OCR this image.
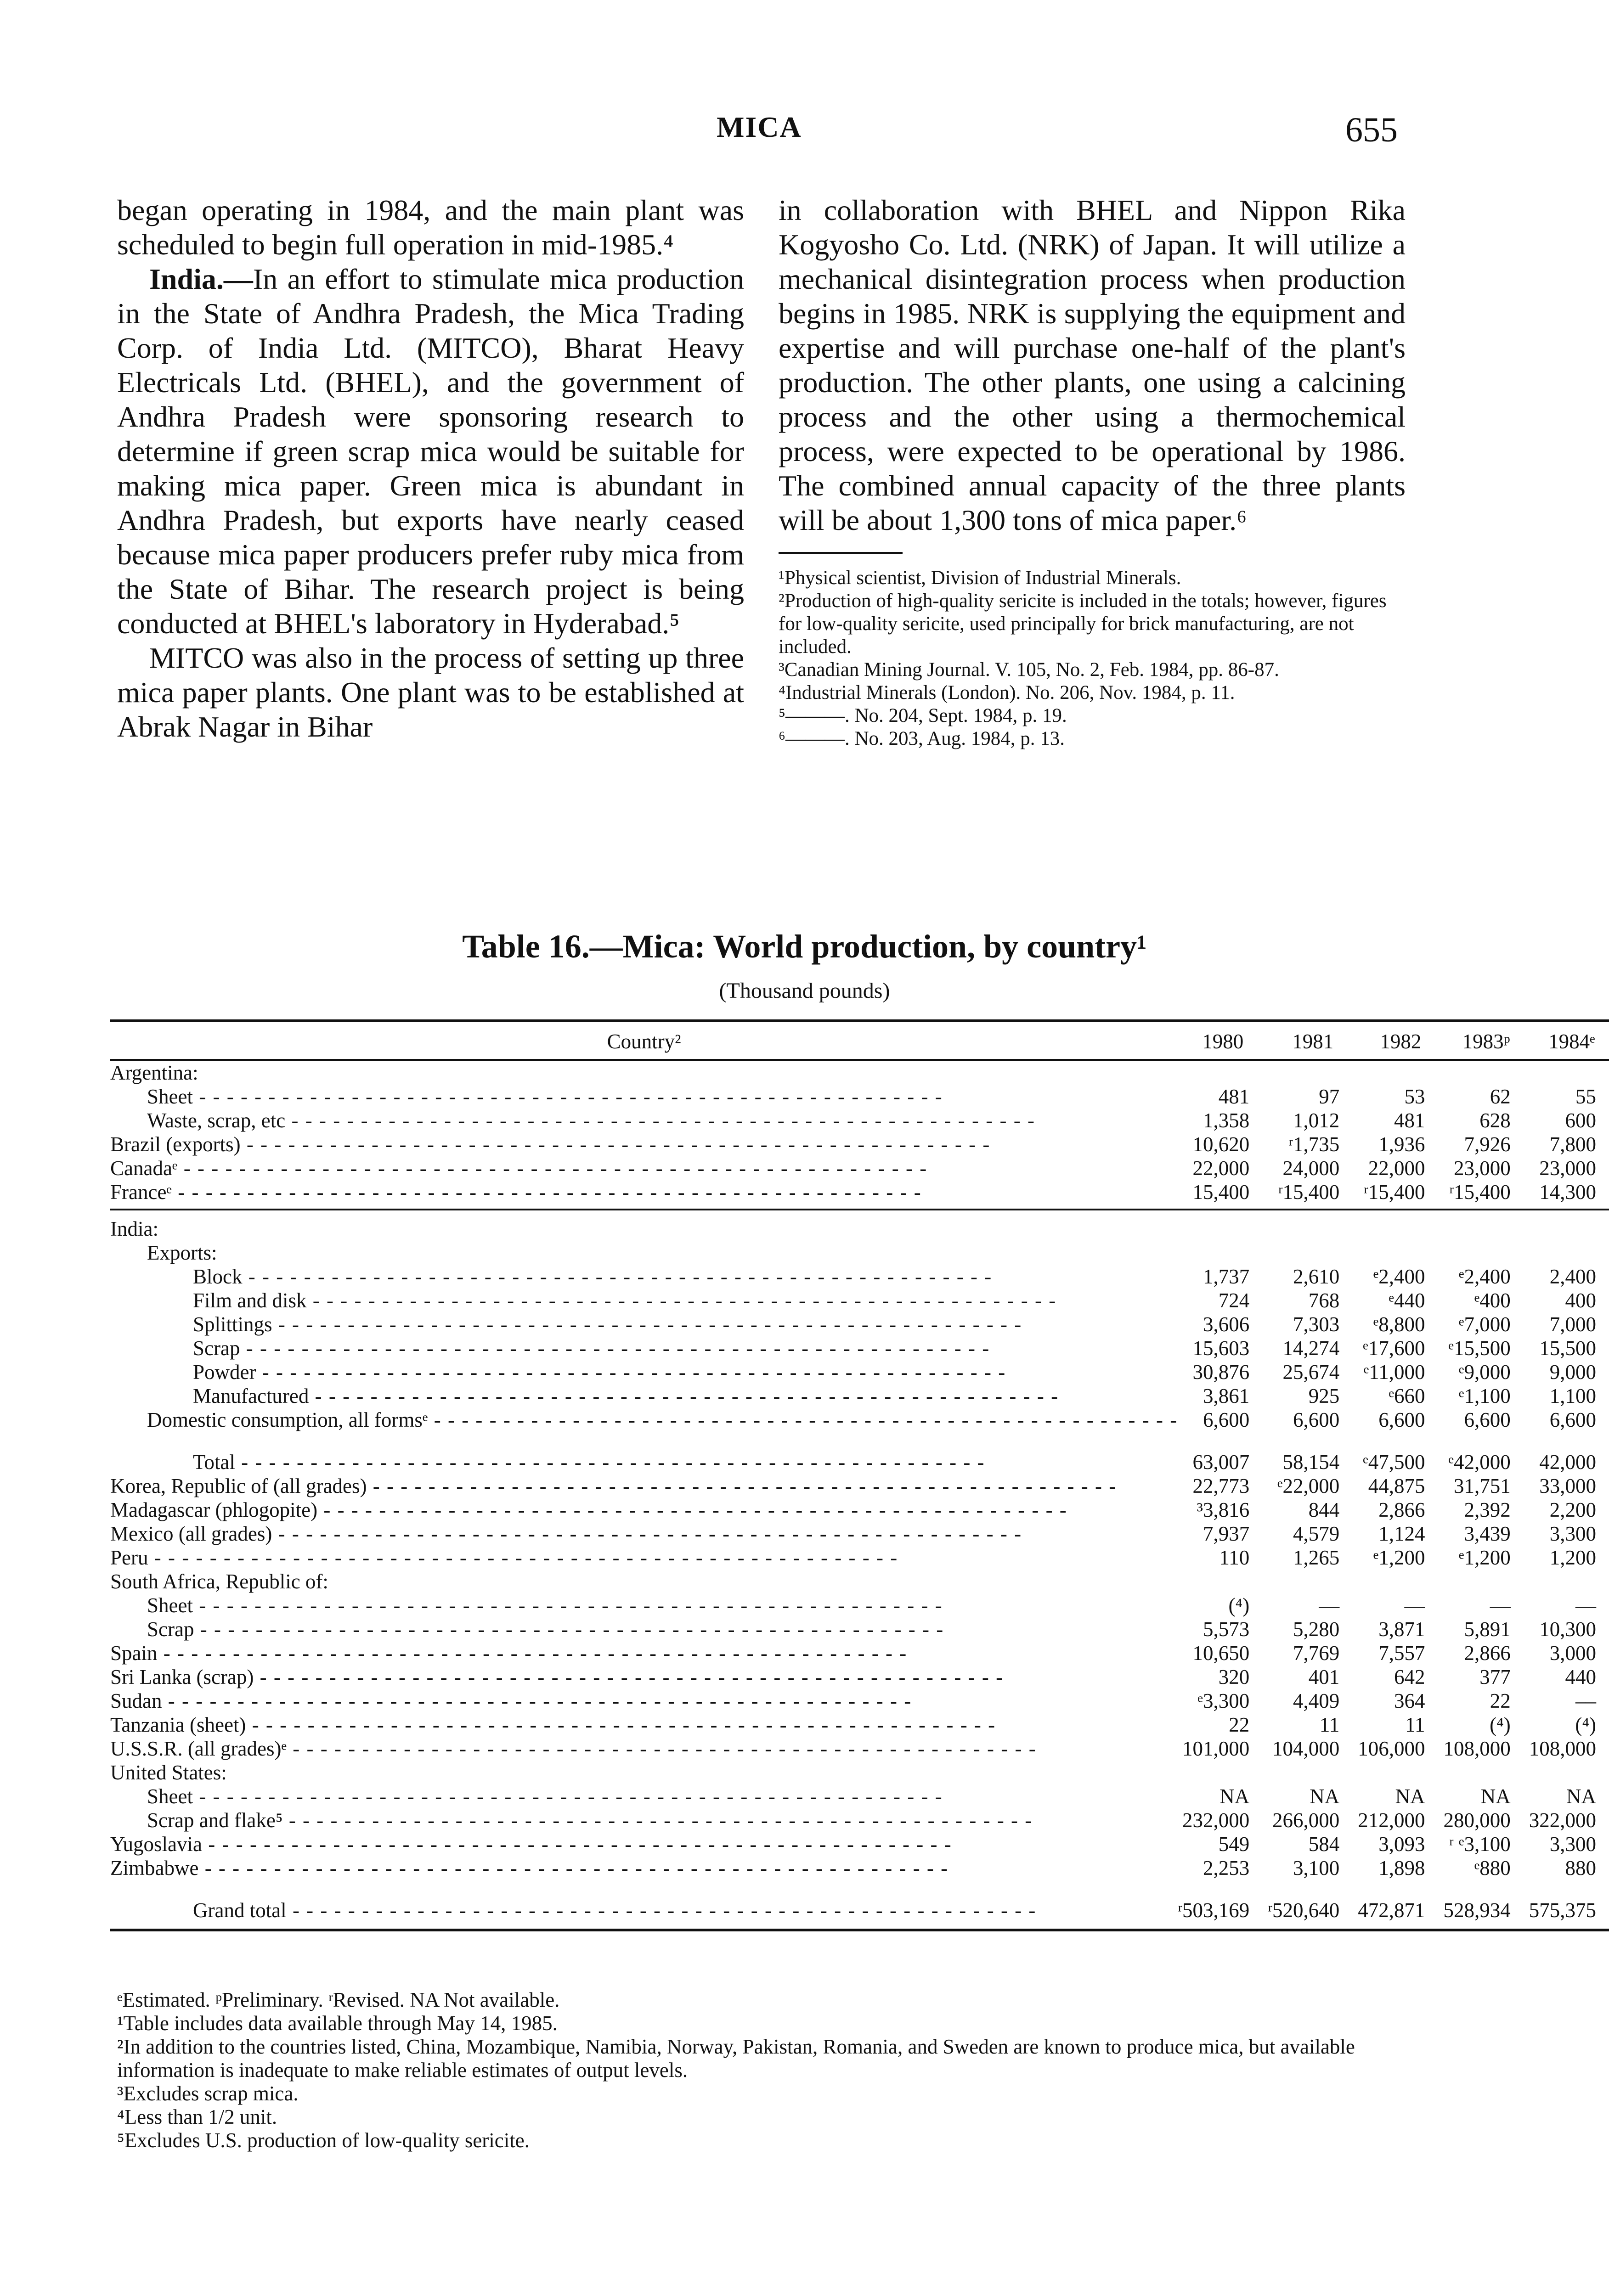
MICA	655

began operating in 1984, and the main plant was scheduled to begin full operation in mid-1985.⁴

India.—In an effort to stimulate mica production in the State of Andhra Pradesh, the Mica Trading Corp. of India Ltd. (MITCO), Bharat Heavy Electricals Ltd. (BHEL), and the government of Andhra Pradesh were sponsoring research to determine if green scrap mica would be suitable for making mica paper. Green mica is abundant in Andhra Pradesh, but exports have nearly ceased because mica paper producers prefer ruby mica from the State of Bihar. The research project is being conducted at BHEL's laboratory in Hyderabad.⁵

MITCO was also in the process of setting up three mica paper plants. One plant was to be established at Abrak Nagar in Bihar

in collaboration with BHEL and Nippon Rika Kogyosho Co. Ltd. (NRK) of Japan. It will utilize a mechanical disintegration process when production begins in 1985. NRK is supplying the equipment and expertise and will purchase one-half of the plant's production. The other plants, one using a calcining process and the other using a thermochemical process, were expected to be operational by 1986. The combined annual capacity of the three plants will be about 1,300 tons of mica paper.⁶

¹Physical scientist, Division of Industrial Minerals.
²Production of high-quality sericite is included in the totals; however, figures for low-quality sericite, used principally for brick manufacturing, are not included.
³Canadian Mining Journal. V. 105, No. 2, Feb. 1984, pp. 86-87.
⁴Industrial Minerals (London). No. 206, Nov. 1984, p. 11.
⁵———. No. 204, Sept. 1984, p. 19.
⁶———. No. 203, Aug. 1984, p. 13.
Table 16.—Mica: World production, by country¹
(Thousand pounds)
Country²	1980	1981	1982	1983ᵖ	1984ᵉ
Argentina:					
Sheet - - -	481	97	53	62	55
Waste, scrap, etc - - -	1,358	1,012	481	628	600
Brazil (exports) - - -	10,620	ʳ1,735	1,936	7,926	7,800
Canadaᵉ - - -	22,000	24,000	22,000	23,000	23,000
Franceᵉ - - -	15,400	ʳ15,400	ʳ15,400	ʳ15,400	14,300

India:					
Exports:					
Block - - -	1,737	2,610	ᵉ2,400	ᵉ2,400	2,400
Film and disk - - -	724	768	ᵉ440	ᵉ400	400
Splittings - - -	3,606	7,303	ᵉ8,800	ᵉ7,000	7,000
Scrap - - -	15,603	14,274	ᵉ17,600	ᵉ15,500	15,500
Powder - - -	30,876	25,674	ᵉ11,000	ᵉ9,000	9,000
Manufactured - - -	3,861	925	ᵉ660	ᵉ1,100	1,100
Domestic consumption, all formsᵉ - - -	6,600	6,600	6,600	6,600	6,600

Total - - -	63,007	58,154	ᵉ47,500	ᵉ42,000	42,000
Korea, Republic of (all grades) - - -	22,773	ᵉ22,000	44,875	31,751	33,000
Madagascar (phlogopite) - - -	³3,816	844	2,866	2,392	2,200
Mexico (all grades) - - -	7,937	4,579	1,124	3,439	3,300
Peru - - -	110	1,265	ᵉ1,200	ᵉ1,200	1,200
South Africa, Republic of:					
Sheet - - -	(⁴)	––	––	––	––
Scrap - - -	5,573	5,280	3,871	5,891	10,300
Spain - - -	10,650	7,769	7,557	2,866	3,000
Sri Lanka (scrap) - - -	320	401	642	377	440
Sudan - - -	ᵉ3,300	4,409	364	22	––
Tanzania (sheet) - - -	22	11	11	(⁴)	(⁴)
U.S.S.R. (all grades)ᵉ - - -	101,000	104,000	106,000	108,000	108,000
United States:					
Sheet - - -	NA	NA	NA	NA	NA
Scrap and flake⁵ - - -	232,000	266,000	212,000	280,000	322,000
Yugoslavia - - -	549	584	3,093	ʳ ᵉ3,100	3,300
Zimbabwe - - -	2,253	3,100	1,898	ᵉ880	880

Grand total - - -	ʳ503,169	ʳ520,640	472,871	528,934	575,375

ᵉEstimated. ᵖPreliminary. ʳRevised. NA Not available.
¹Table includes data available through May 14, 1985.
²In addition to the countries listed, China, Mozambique, Namibia, Norway, Pakistan, Romania, and Sweden are known to produce mica, but available information is inadequate to make reliable estimates of output levels.
³Excludes scrap mica.
⁴Less than 1/2 unit.
⁵Excludes U.S. production of low-quality sericite.
